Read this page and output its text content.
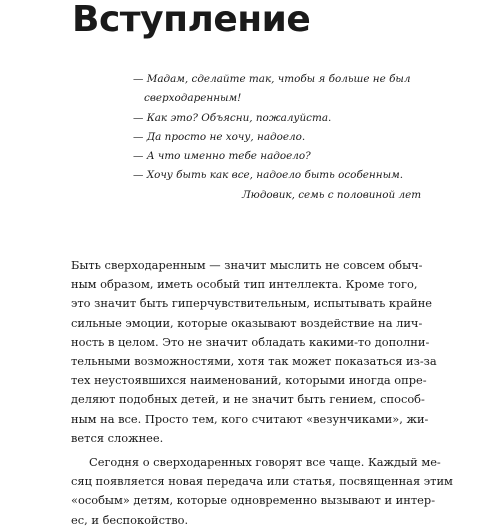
Вступление
— Мадам, сделайте так, чтобы я больше не был
сверходаренным!
— Как это? Объясни, пожалуйста.
— Да просто не хочу, надоело.
— А что именно тебе надоело?
— Хочу быть как все, надоело быть особенным.
Людовик, семь с половиной лет
Быть сверходаренным — значит мыслить не совсем обыч-
ным образом, иметь особый тип интеллекта. Кроме того,
это значит быть гиперчувствительным, испытывать крайне
сильные эмоции, которые оказывают воздействие на лич-
ность в целом. Это не значит обладать какими-то дополни-
тельными возможностями, хотя так может показаться из-за
тех неустоявшихся наименований, которыми иногда опре-
деляют подобных детей, и не значит быть гением, способ-
ным на все. Просто тем, кого считают «везунчиками», жи-
вется сложнее.
Сегодня о сверходаренных говорят все чаще. Каждый ме-
сяц появляется новая передача или статья, посвященная этим
«особым» детям, которые одновременно вызывают и интер-
ес, и беспокойство.
